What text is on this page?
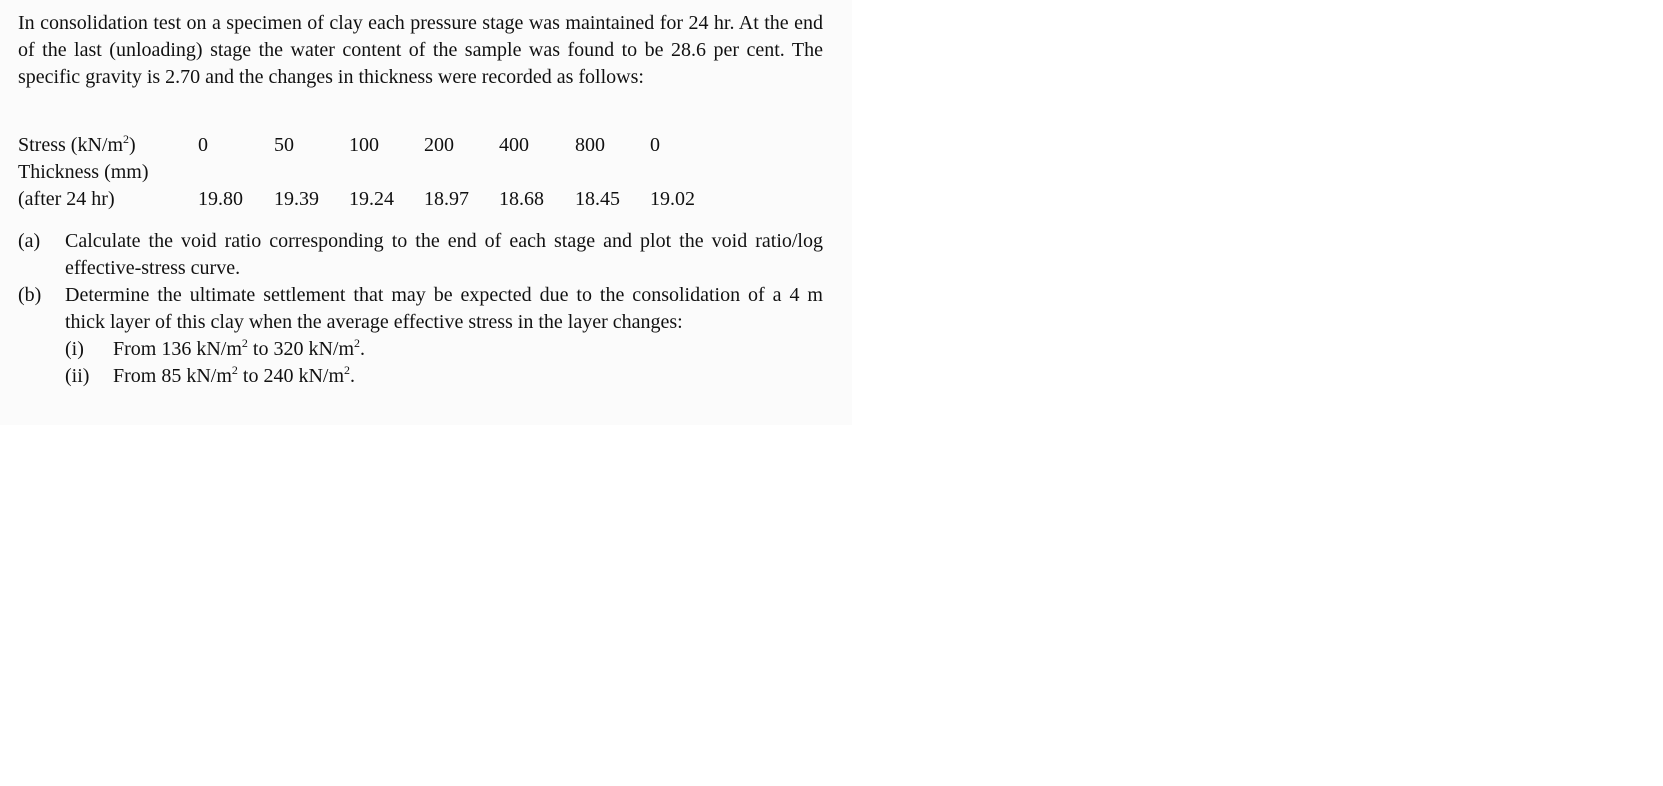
In consolidation test on a specimen of clay each pressure stage was maintained for 24 hr. At the end of the last (unloading) stage the water content of the sample was found to be 28.6 per cent. The specific gravity is 2.70 and the changes in thickness were recorded as follows:

Stress $(kN/m^2)$	0	50	100 200 400 800 0
Thickness (mm)
(after 24 hr)	19.80 19.39 19.24 18.97 18.68 18.45 19.02
(a) Calculate the void ratio corresponding to the end of each stage and plot the void ratio/log effective-stress curve.
(b) Determine the ultimate settlement that may be expected due to the consolidation of a 4 m thick layer of this clay when the average effective stress in the layer changes:
(i) From 136 $kN/m^2$ to 320 $kN/m^2$.
(ii) From 85 $kN/m^2$ to 240 $kN/m^2$.
